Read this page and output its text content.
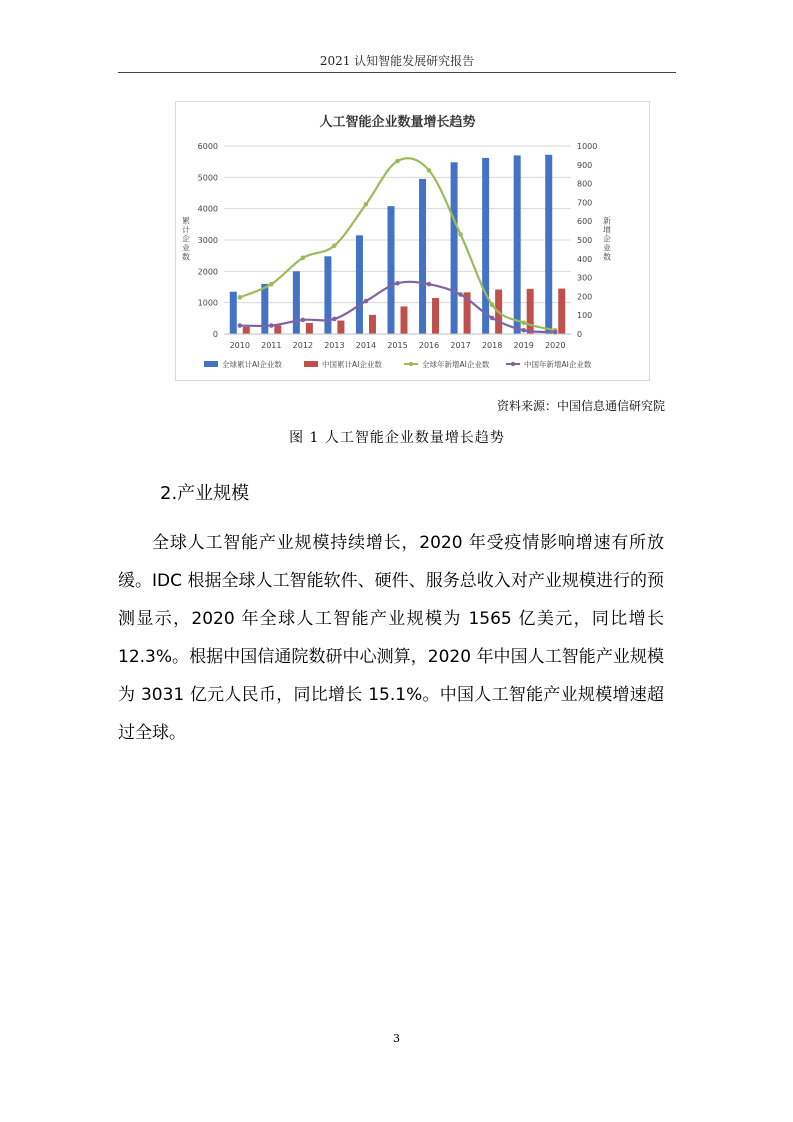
2021 认知智能发展研究报告
人工智能企业数量增长趋势
0
1000
2000
3000
4000
5000
6000
0
100
200
300
400
500
600
700
800
900
1000
累计企业数
新增企业数
2010 2011 2012 2013 2014 2015 2016 2017 2018 2019 2020
全球累计AI企业数	中国累计AI企业数	全球年新增AI企业数	中国年新增AI企业数
资料来源：中国信息通信研究院
图 1 人工智能企业数量增长趋势
2.产业规模
全球人工智能产业规模持续增长，2020 年受疫情影响增速有所放缓。IDC 根据全球人工智能软件、硬件、服务总收入对产业规模进行的预测显示，2020 年全球人工智能产业规模为 1565 亿美元，同比增长 12.3%。根据中国信通院数研中心测算，2020 年中国人工智能产业规模为 3031 亿元人民币，同比增长 15.1%。中国人工智能产业规模增速超过全球。
3
